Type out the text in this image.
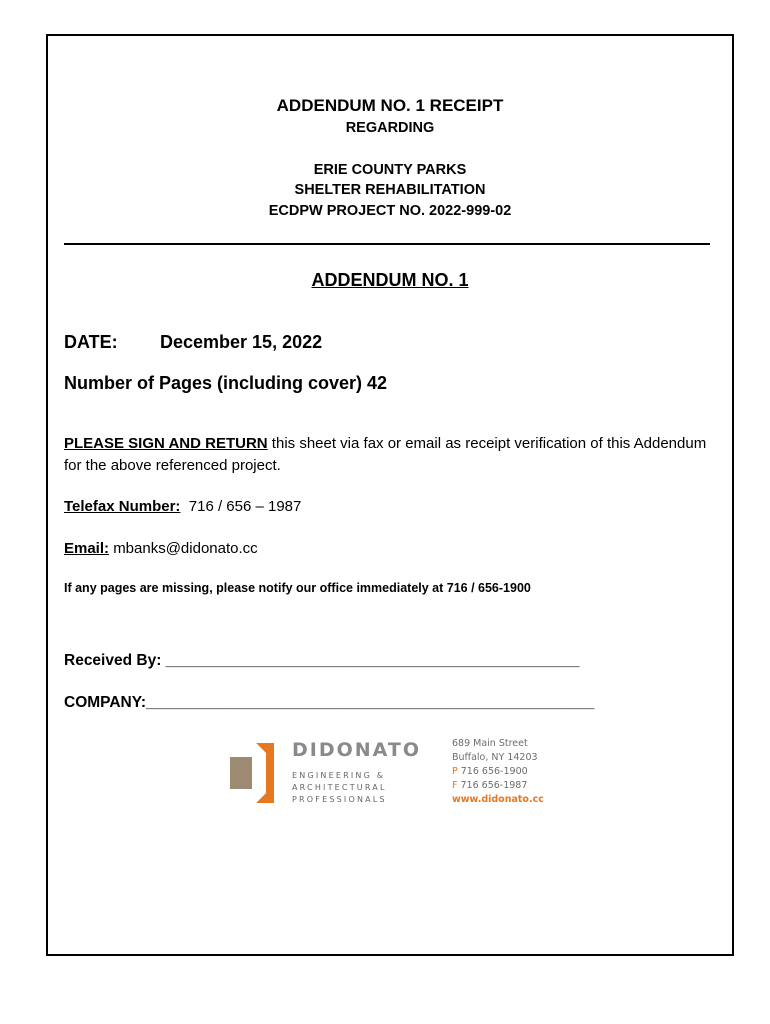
ADDENDUM NO. 1 RECEIPT
REGARDING
ERIE COUNTY PARKS
SHELTER REHABILITATION
ECDPW PROJECT NO. 2022-999-02
ADDENDUM NO. 1
DATE: December 15, 2022
Number of Pages (including cover) 42
PLEASE SIGN AND RETURN this sheet via fax or email as receipt verification of this Addendum for the above referenced project.
Telefax Number: 716 / 656 – 1987
Email: mbanks@didonato.cc
If any pages are missing, please notify our office immediately at 716 / 656-1900
Received By: ________________________________________________
COMPANY:____________________________________________________
DIDONATO
ENGINEERING &
ARCHITECTURAL
PROFESSIONALS
689 Main Street
Buffalo, NY 14203
P 716 656-1900
F 716 656-1987
www.didonato.cc
